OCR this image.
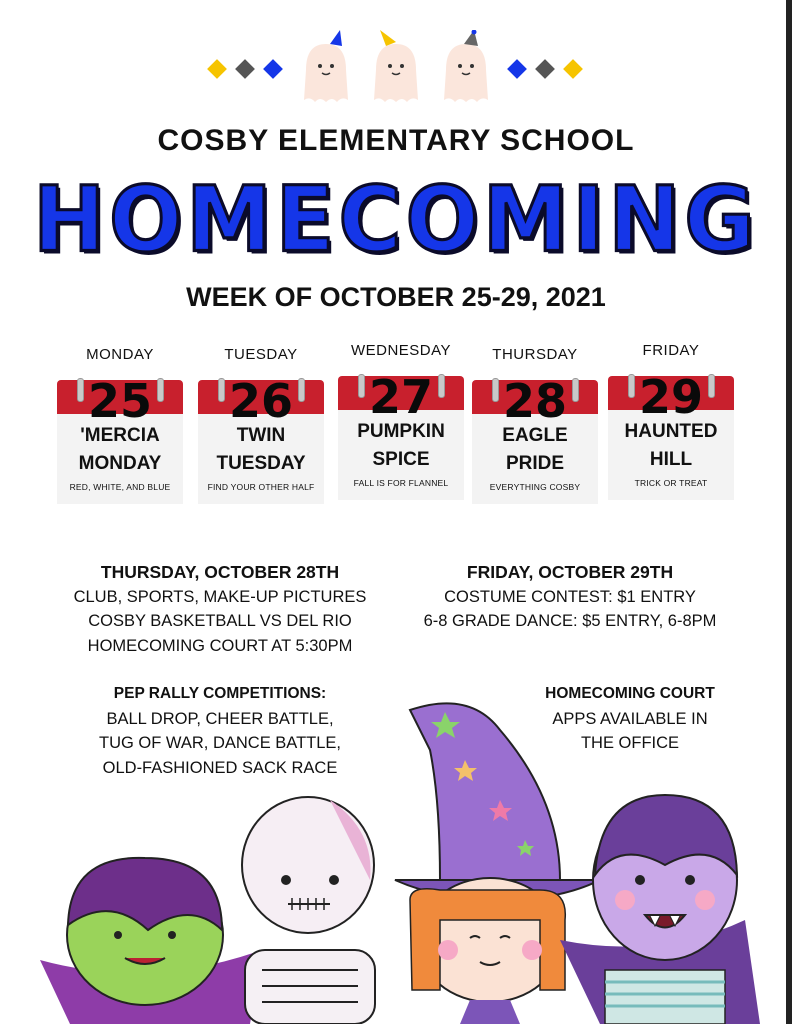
COSBY ELEMENTARY SCHOOL
HOMECOMING
WEEK OF OCTOBER 25-29, 2021
MONDAY
25
'MERCIA
MONDAY
RED, WHITE, AND BLUE
TUESDAY
26
TWIN
TUESDAY
FIND YOUR OTHER HALF
WEDNESDAY
27
PUMPKIN
SPICE
FALL IS FOR FLANNEL
THURSDAY
28
EAGLE
PRIDE
EVERYTHING COSBY
FRIDAY
29
HAUNTED
HILL
TRICK OR TREAT
THURSDAY, OCTOBER 28TH
CLUB, SPORTS, MAKE-UP PICTURES
COSBY BASKETBALL VS DEL RIO
HOMECOMING COURT AT 5:30PM
FRIDAY, OCTOBER 29TH
COSTUME CONTEST: $1 ENTRY
6-8 GRADE DANCE: $5 ENTRY, 6-8PM
PEP RALLY COMPETITIONS:
BALL DROP, CHEER BATTLE,
TUG OF WAR, DANCE BATTLE,
OLD-FASHIONED SACK RACE
HOMECOMING COURT
APPS AVAILABLE IN
THE OFFICE
